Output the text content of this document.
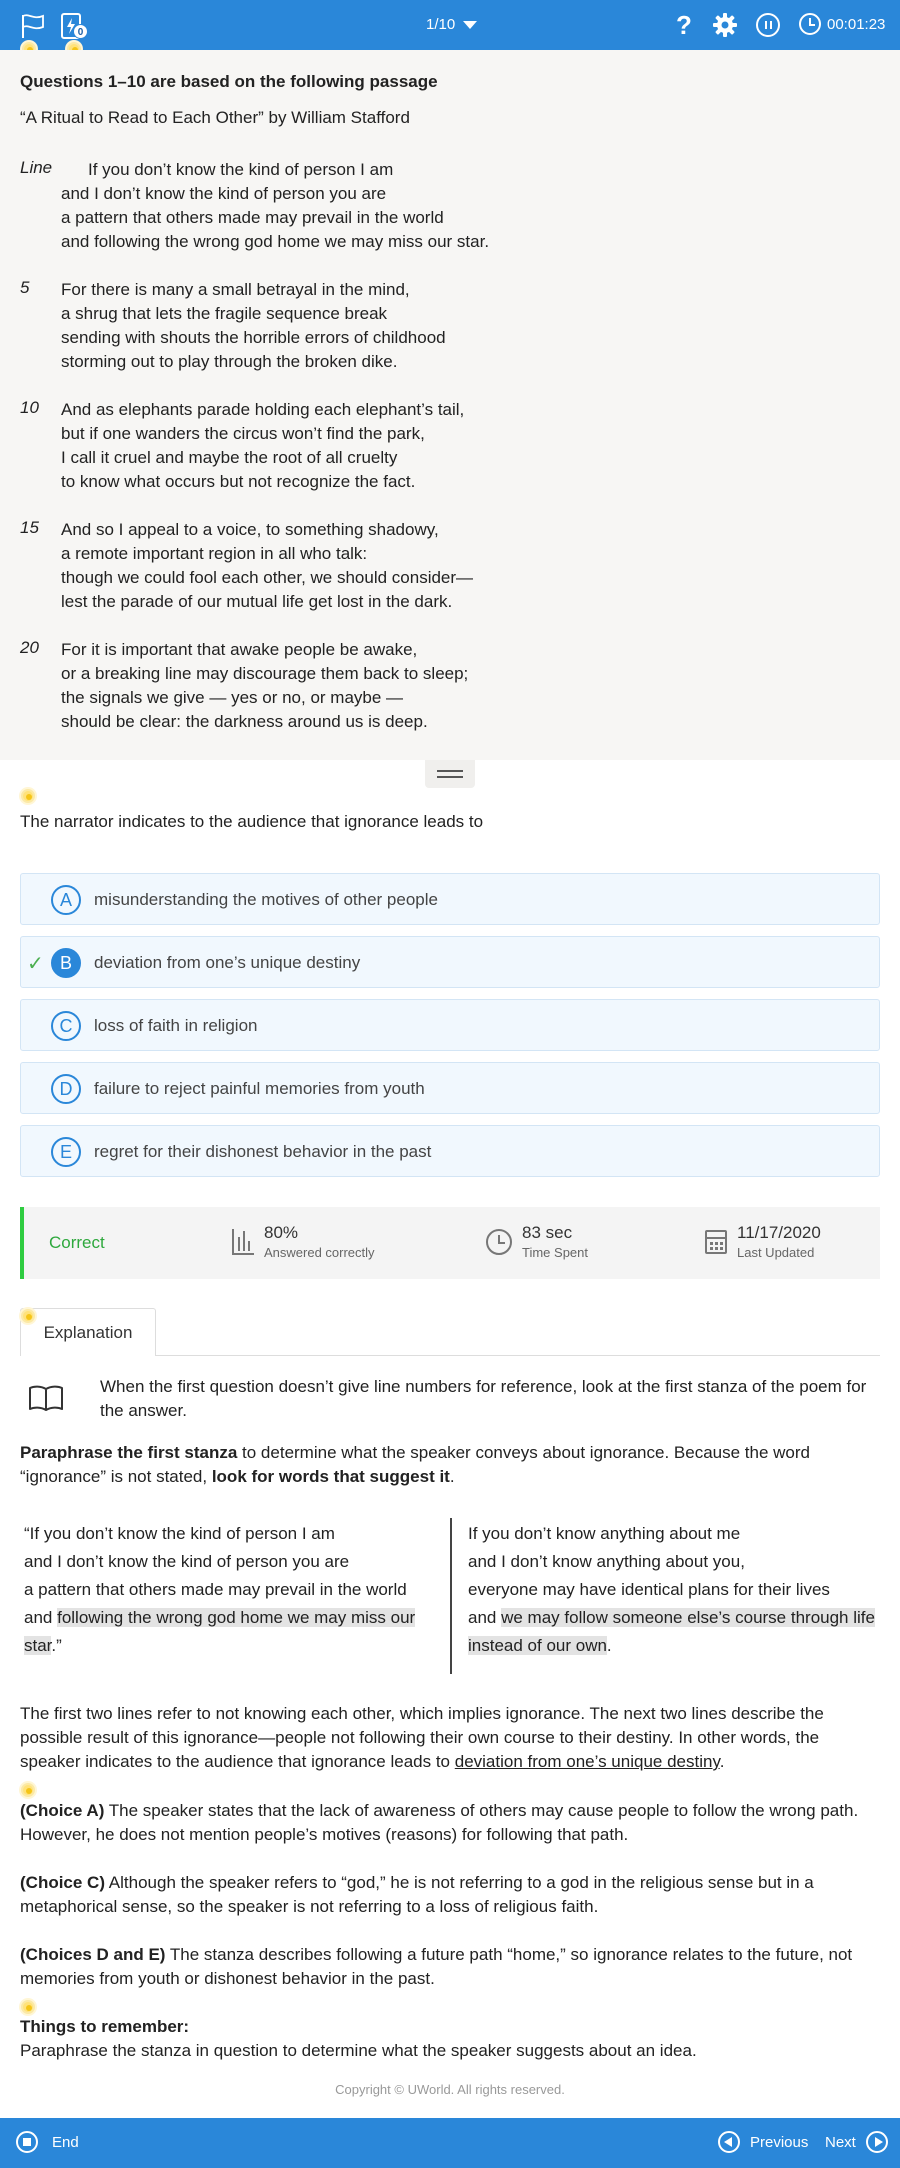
0	1/10	?	00:01:23
Questions 1–10 are based on the following passage
“A Ritual to Read to Each Other” by William Stafford
Line If you don’t know the kind of person I am
and I don’t know the kind of person you are
a pattern that others made may prevail in the world
and following the wrong god home we may miss our star.
5 For there is many a small betrayal in the mind,
a shrug that lets the fragile sequence break
sending with shouts the horrible errors of childhood
storming out to play through the broken dike.
10 And as elephants parade holding each elephant’s tail,
but if one wanders the circus won’t find the park,
I call it cruel and maybe the root of all cruelty
to know what occurs but not recognize the fact.
15 And so I appeal to a voice, to something shadowy,
a remote important region in all who talk:
though we could fool each other, we should consider—
lest the parade of our mutual life get lost in the dark.
20 For it is important that awake people be awake,
or a breaking line may discourage them back to sleep;
the signals we give — yes or no, or maybe —
should be clear: the darkness around us is deep.
The narrator indicates to the audience that ignorance leads to
A	misunderstanding the motives of other people
✓ B	deviation from one’s unique destiny
C	loss of faith in religion
D	failure to reject painful memories from youth
E	regret for their dishonest behavior in the past
Correct
80%
Answered correctly
83 sec
Time Spent
11/17/2020
Last Updated
Explanation
When the first question doesn’t give line numbers for reference, look at the first stanza of the poem for the answer.
Paraphrase the first stanza to determine what the speaker conveys about ignorance. Because the word “ignorance” is not stated, look for words that suggest it.
“If you don’t know the kind of person I am
and I don’t know the kind of person you are
a pattern that others made may prevail in the world
and following the wrong god home we may miss our star.”
If you don’t know anything about me
and I don’t know anything about you,
everyone may have identical plans for their lives
and we may follow someone else’s course through life instead of our own.
The first two lines refer to not knowing each other, which implies ignorance. The next two lines describe the possible result of this ignorance—people not following their own course to their destiny. In other words, the speaker indicates to the audience that ignorance leads to deviation from one’s unique destiny.
(Choice A) The speaker states that the lack of awareness of others may cause people to follow the wrong path. However, he does not mention people’s motives (reasons) for following that path.
(Choice C) Although the speaker refers to “god,” he is not referring to a god in the religious sense but in a metaphorical sense, so the speaker is not referring to a loss of religious faith.
(Choices D and E) The stanza describes following a future path “home,” so ignorance relates to the future, not memories from youth or dishonest behavior in the past.
Things to remember:
Paraphrase the stanza in question to determine what the speaker suggests about an idea.
Copyright © UWorld. All rights reserved.
End	Previous Next
